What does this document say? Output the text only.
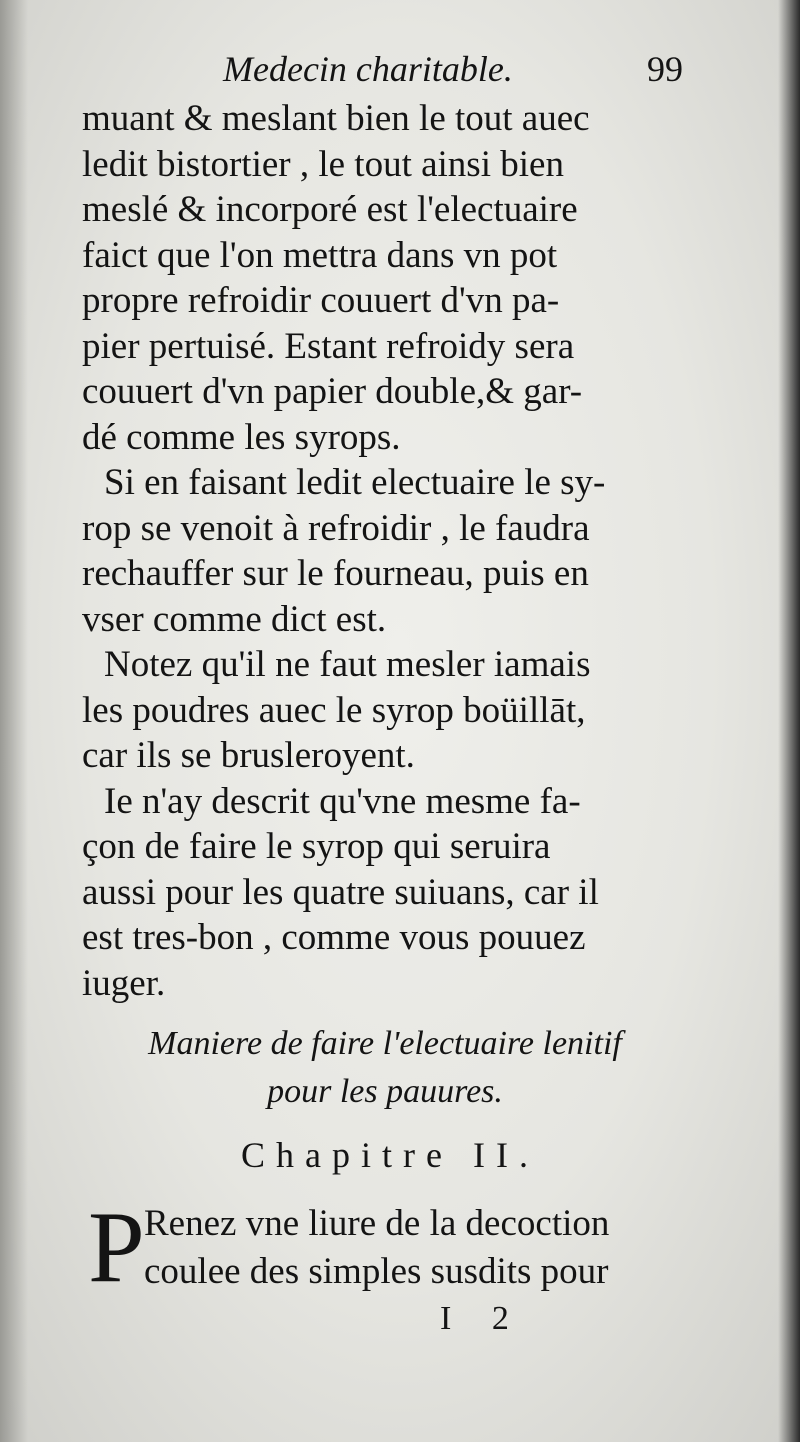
Medecin charitable.	99

muant & meslant bien le tout auec
ledit bistortier , le tout ainsi bien
meslé & incorporé est l'electuaire
faict que l'on mettra dans vn pot
propre refroidir couuert d'vn pa-
pier pertuisé. Estant refroidy sera
couuert d'vn papier double,& gar-
dé comme les syrops.

Si en faisant ledit electuaire le sy-
rop se venoit à refroidir , le faudra
rechauffer sur le fourneau, puis en
vser comme dict est.

Notez qu'il ne faut mesler iamais
les poudres auec le syrop boüillāt,
car ils se brusleroyent.

Ie n'ay descrit qu'vne mesme fa-
çon de faire le syrop qui seruira
aussi pour les quatre suiuans, car il
est tres-bon , comme vous pouuez
iuger.

Maniere de faire l'electuaire lenitif
pour les pauures.
Chapitre II.
P Renez vne liure de la decoction
coulee des simples susdits pour
I 2
